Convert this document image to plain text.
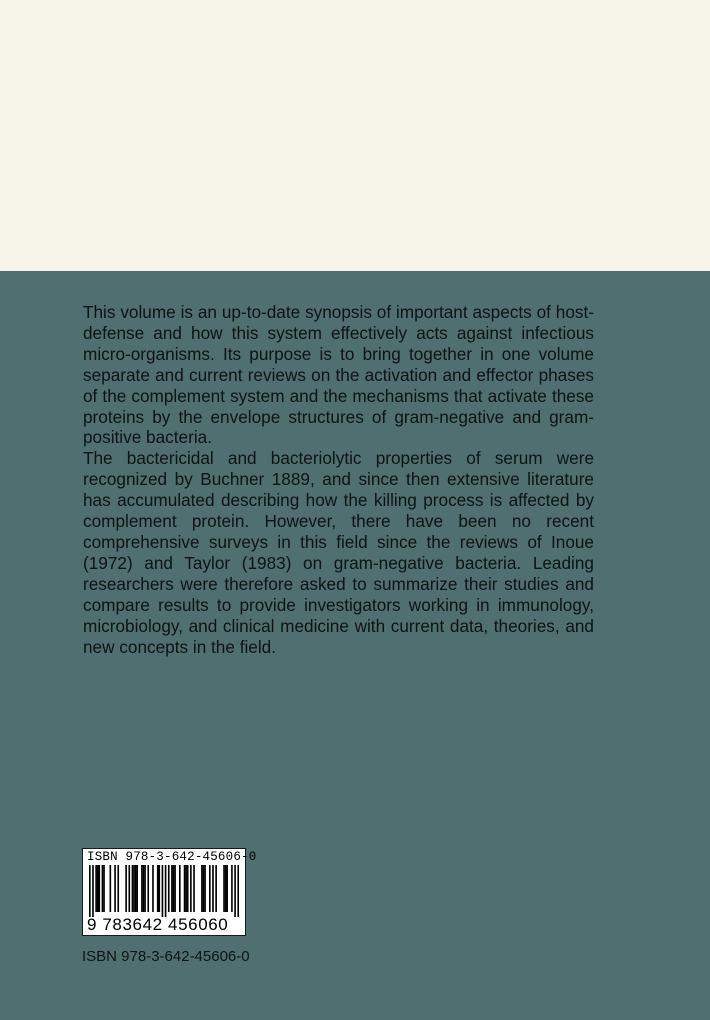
This volume is an up-to-date synopsis of important aspects of host-defense and how this system effectively acts against infectious micro-organisms. Its purpose is to bring together in one volume separate and current reviews on the activation and effector phases of the complement system and the mechanisms that activate these proteins by the envelope structures of gram-negative and gram-positive bacteria.

The bactericidal and bacteriolytic properties of serum were recognized by Buchner 1889, and since then extensive literature has accumulated describing how the killing process is affected by complement protein. However, there have been no recent comprehensive surveys in this field since the reviews of Inoue (1972) and Taylor (1983) on gram-negative bacteria. Leading researchers were therefore asked to summarize their studies and compare results to provide investigators working in immunology, microbiology, and clinical medicine with current data, theories, and new concepts in the field.

ISBN 978-3-642-45606-0
9 783642 456060
ISBN 978-3-642-45606-0
